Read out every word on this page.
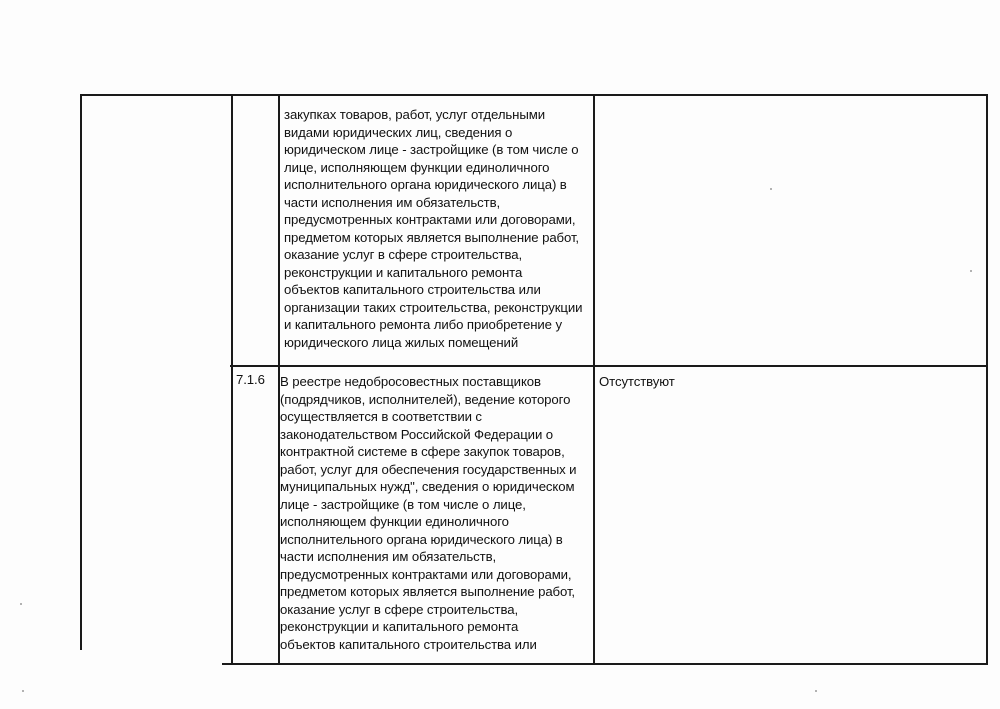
закупках товаров, работ, услуг отдельными
видами юридических лиц, сведения о
юридическом лице - застройщике (в том числе о
лице, исполняющем функции единоличного
исполнительного органа юридического лица) в
части исполнения им обязательств,
предусмотренных контрактами или договорами,
предметом которых является выполнение работ,
оказание услуг в сфере строительства,
реконструкции и капитального ремонта
объектов капитального строительства или
организации таких строительства, реконструкции
и капитального ремонта либо приобретение у
юридического лица жилых помещений
7.1.6	В реестре недобросовестных поставщиков
(подрядчиков, исполнителей), ведение которого
осуществляется в соответствии с
законодательством Российской Федерации о
контрактной системе в сфере закупок товаров,
работ, услуг для обеспечения государственных и
муниципальных нужд", сведения о юридическом
лице - застройщике (в том числе о лице,
исполняющем функции единоличного
исполнительного органа юридического лица) в
части исполнения им обязательств,
предусмотренных контрактами или договорами,
предметом которых является выполнение работ,
оказание услуг в сфере строительства,
реконструкции и капитального ремонта
объектов капитального строительства или
Отсутствуют
